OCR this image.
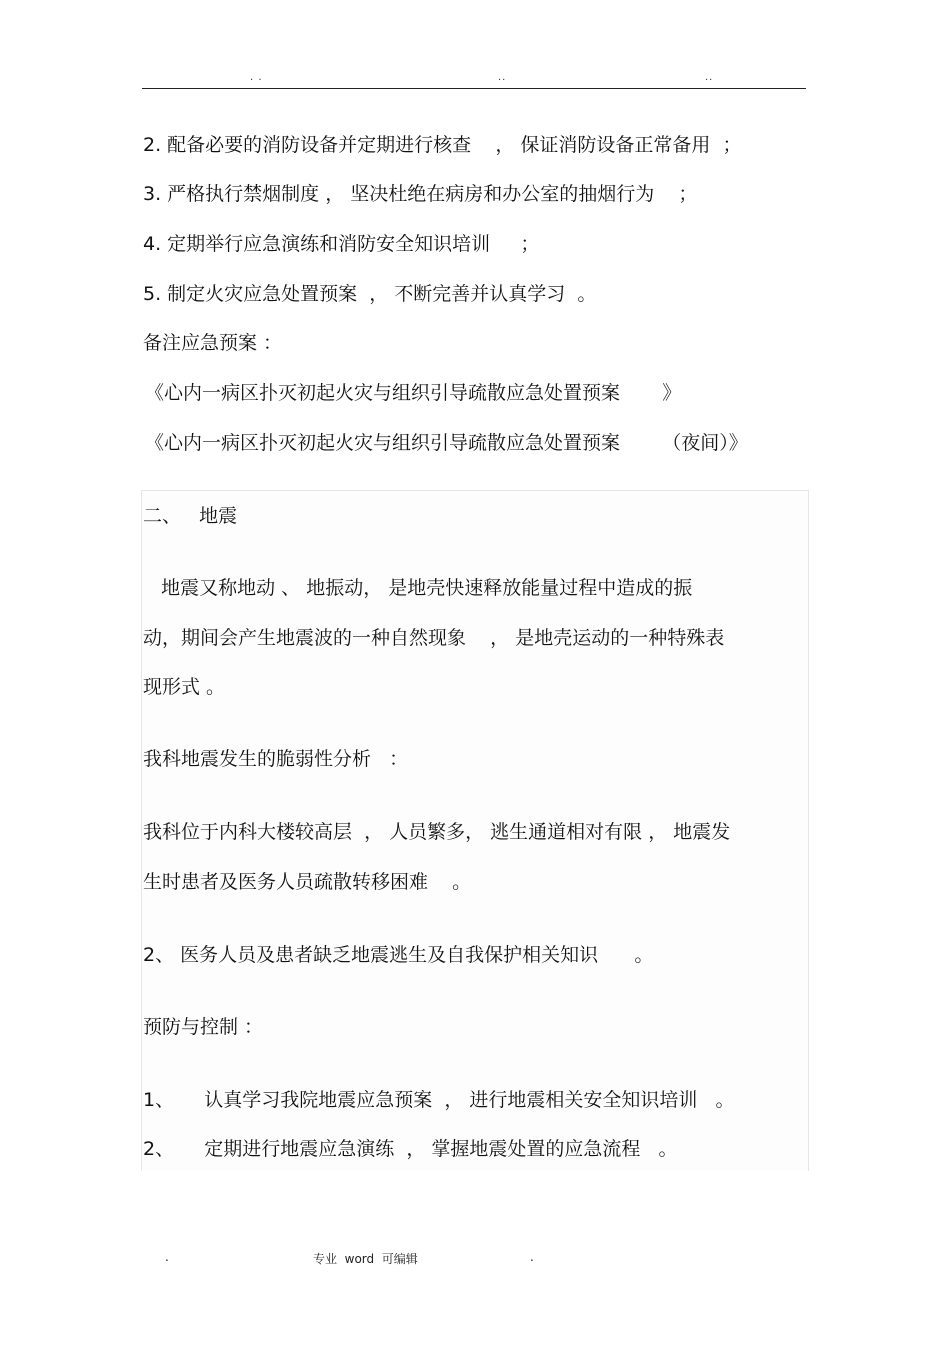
. .	..	..
2. 配备必要的消防设备并定期进行核查    ， 保证消防设备正常备用  ；
3. 严格执行禁烟制度 ， 坚决杜绝在病房和办公室的抽烟行为    ；
4. 定期举行应急演练和消防安全知识培训     ；
5. 制定火灾应急处置预案  ， 不断完善并认真学习  。
备注应急预案 ：
《心内一病区扑灭初起火灾与组织引导疏散应急处置预案       》
《心内一病区扑灭初起火灾与组织引导疏散应急处置预案       （夜间）》
二、   地震
地震又称地动 、 地振动， 是地壳快速释放能量过程中造成的振
动，期间会产生地震波的一种自然现象    ， 是地壳运动的一种特殊表
现形式 。
我科地震发生的脆弱性分析   ：
我科位于内科大楼较高层  ， 人员繁多， 逃生通道相对有限 ， 地震发
生时患者及医务人员疏散转移困难    。
2、 医务人员及患者缺乏地震逃生及自我保护相关知识      。
预防与控制 ：
1、     认真学习我院地震应急预案  ， 进行地震相关安全知识培训   。
2、     定期进行地震应急演练  ， 掌握地震处置的应急流程   。
.	专业  word  可编辑	.
